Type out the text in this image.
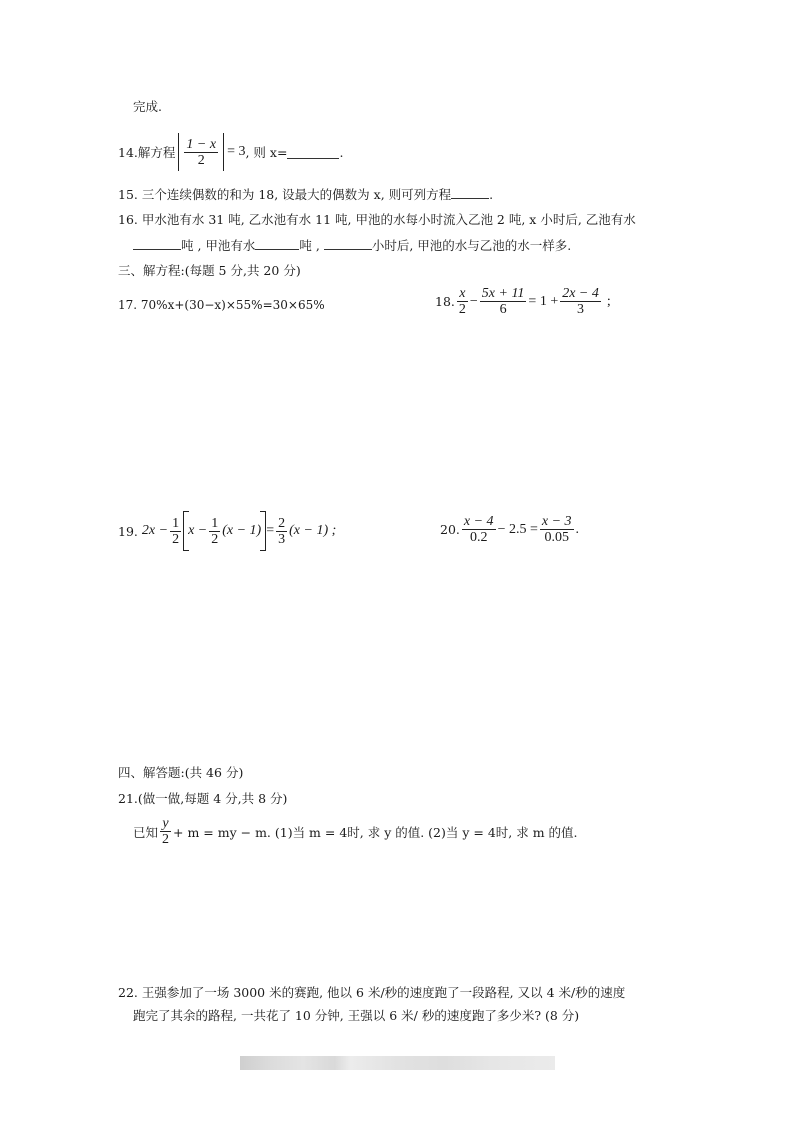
完成.
14. 解方程 $\frac{1 - x}{2} = 3$ , 则 x=	.
15. 三个连续偶数的和为 18, 设最大的偶数为 x, 则可列方程	.
16. 甲水池有水 31 吨, 乙水池有水 11 吨, 甲池的水每小时流入乙池 2 吨, x 小时后, 乙池有水
吨 , 甲池有水	吨 ,	小时后, 甲池的水与乙池的水一样多.
三、解方程:(每题 5 分,共 20 分)
17. 70%x+(30−x)×55%=30×65%	18. $\frac{x}{2} - \frac{5x + 11}{6} = 1 + \frac{2x - 4}{3}$ ;
19. $2x - \frac{1}{2}$ $x - \frac{1}{2} (x - 1) = \frac{2}{3} (x - 1)$ ;	20. $\frac{x - 4}{0.2} - 2.5 = \frac{x - 3}{0.05}$ .
四、解答题:(共 46 分)
21.(做一做,每题 4 分,共 8 分)
已知 $\frac{y}{2} + m$ = my − m. (1)当 m = 4时, 求 y 的值. (2)当 y = 4时, 求 m 的值.
22. 王强参加了一场 3000 米的赛跑, 他以 6 米/秒的速度跑了一段路程, 又以 4 米/秒的速度
跑完了其余的路程, 一共花了 10 分钟, 王强以 6 米/ 秒的速度跑了多少米? (8 分)
